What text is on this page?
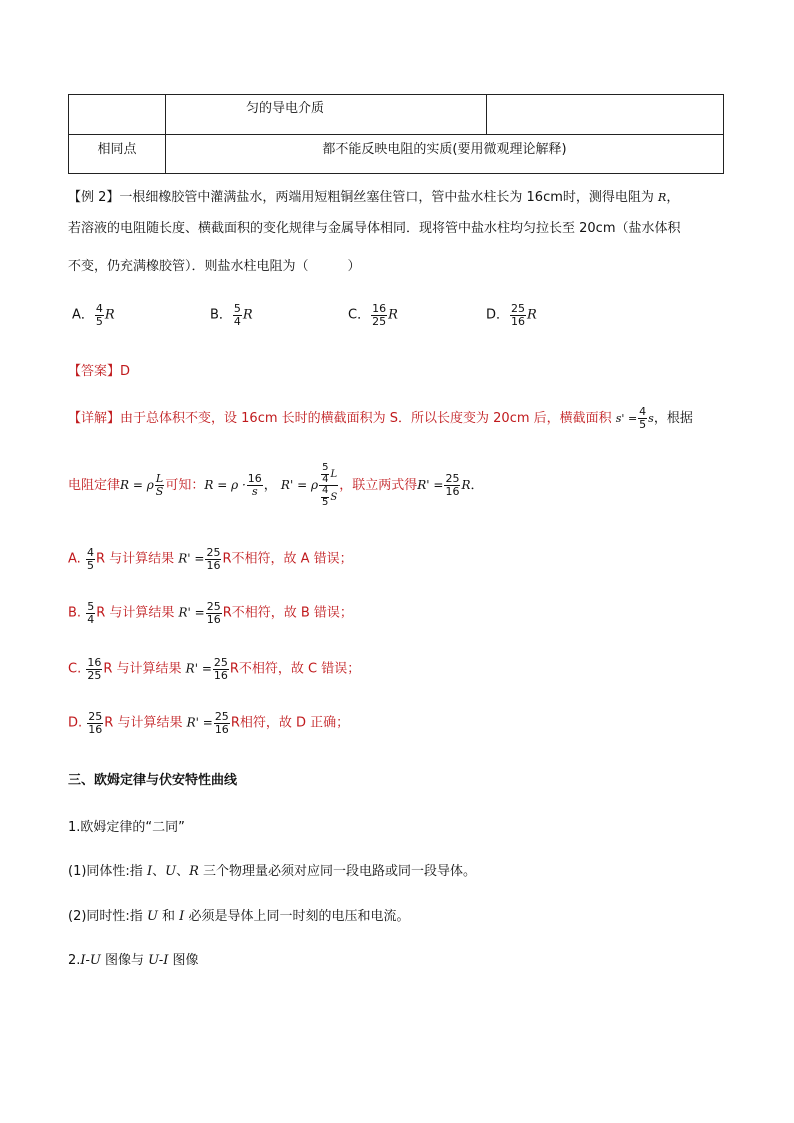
	匀的导电介质	
相同点	都不能反映电阻的实质(要用微观理论解释)	
【例 2】一根细橡胶管中灌满盐水，两端用短粗铜丝塞住管口，管中盐水柱长为 16cm时，测得电阻为 R，
若溶液的电阻随长度、横截面积的变化规律与金属导体相同．现将管中盐水柱均匀拉长至 20cm（盐水体积
不变，仍充满橡胶管）．则盐水柱电阻为（　　　）
A． $\frac{4}{5}$ R	B． $\frac{5}{4}$ R	C． $\frac{16}{25}$ R	D． $\frac{25}{16}$ R
【答案】D
【详解】由于总体积不变，设 16cm 长时的横截面积为 S．所以长度变为 20cm 后，横截面积 $s' = \frac{4}{5}$ s，根据
电阻定律R = ρ $\frac{L}{S}$ 可知：$R = \rho \cdot \frac{16}{s}$ ， R' = ρ $\frac{\frac{5}{4} L}{\frac{4}{5} S}$ ，联立两式得$R' = \frac{25}{16}$ R．
A. $\frac{4}{5}$ R 与计算结果 $R' = \frac{25}{16}$ R不相符，故 A 错误；
B. $\frac{5}{4}$ R 与计算结果 $R' = \frac{25}{16}$ R不相符，故 B 错误；
C. $\frac{16}{25}$ R 与计算结果 $R' = \frac{25}{16}$ R不相符，故 C 错误；
D. $\frac{25}{16}$ R 与计算结果 $R' = \frac{25}{16}$ R相符，故 D 正确；
三、欧姆定律与伏安特性曲线
1.欧姆定律的“二同”
(1)同体性:指 I、U、R 三个物理量必须对应同一段电路或同一段导体。
(2)同时性:指 U 和 I 必须是导体上同一时刻的电压和电流。
2.I-U 图像与 U-I 图像
